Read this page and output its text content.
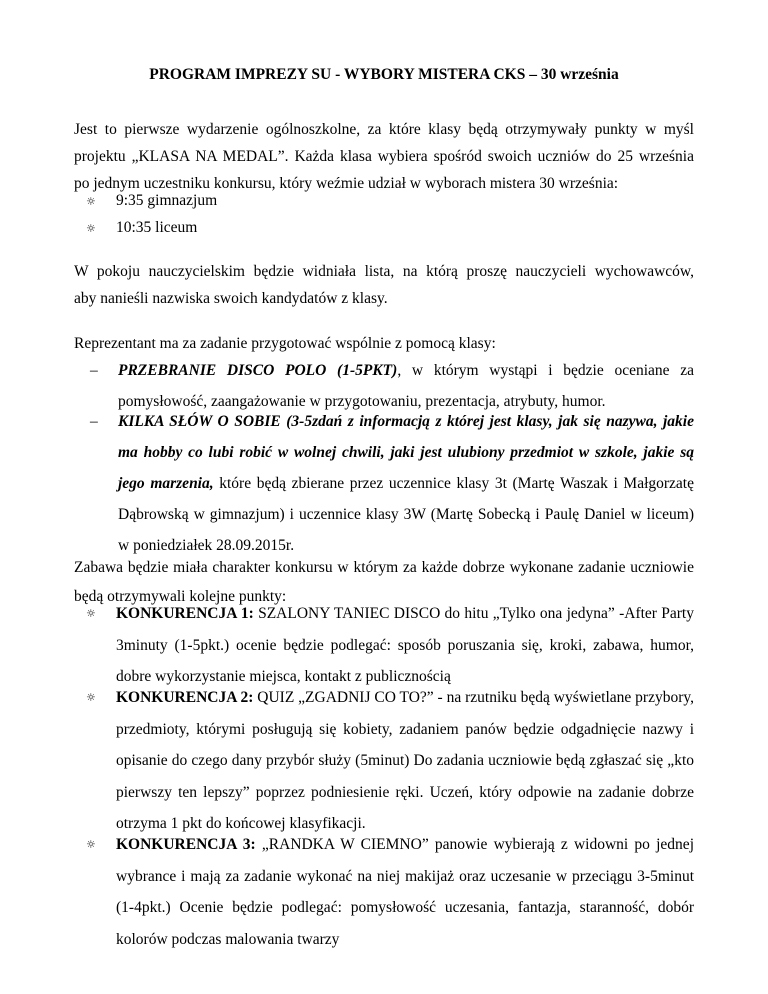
PROGRAM IMPREZY SU - WYBORY MISTERA CKS – 30 września
Jest to pierwsze wydarzenie ogólnoszkolne, za które klasy będą otrzymywały punkty w myśl
projektu „KLASA NA MEDAL”. Każda klasa wybiera spośród swoich uczniów do 25 września
po jednym uczestniku konkursu, który weźmie udział w wyborach mistera 30 września:
☼ 9:35 gimnazjum
☼ 10:35 liceum
W pokoju nauczycielskim będzie widniała lista, na którą proszę nauczycieli wychowawców,
aby nanieśli nazwiska swoich kandydatów z klasy.
Reprezentant ma za zadanie przygotować wspólnie z pomocą klasy:
– PRZEBRANIE DISCO POLO (1-5PKT), w którym wystąpi i będzie oceniane za pomysłowość, zaangażowanie w przygotowaniu, prezentacja, atrybuty, humor.
– KILKA SŁÓW O SOBIE (3-5zdań z informacją z której jest klasy, jak się nazywa, jakie ma hobby co lubi robić w wolnej chwili, jaki jest ulubiony przedmiot w szkole, jakie są jego marzenia, które będą zbierane przez uczennice klasy 3t (Martę Waszak i Małgorzatę Dąbrowską w gimnazjum) i uczennice klasy 3W (Martę Sobecką i Paulę Daniel w liceum) w poniedziałek 28.09.2015r.
Zabawa będzie miała charakter konkursu w którym za każde dobrze wykonane zadanie uczniowie będą otrzymywali kolejne punkty:
☼ KONKURENCJA 1: SZALONY TANIEC DISCO do hitu „Tylko ona jedyna” -After Party 3minuty (1-5pkt.) ocenie będzie podlegać: sposób poruszania się, kroki, zabawa, humor, dobre wykorzystanie miejsca, kontakt z publicznością
☼ KONKURENCJA 2: QUIZ „ZGADNIJ CO TO?” - na rzutniku będą wyświetlane przybory, przedmioty, którymi posługują się kobiety, zadaniem panów będzie odgadnięcie nazwy i opisanie do czego dany przybór służy (5minut) Do zadania uczniowie będą zgłaszać się „kto pierwszy ten lepszy” poprzez podniesienie ręki. Uczeń, który odpowie na zadanie dobrze otrzyma 1 pkt do końcowej klasyfikacji.
☼ KONKURENCJA 3: „RANDKA W CIEMNO” panowie wybierają z widowni po jednej wybrance i mają za zadanie wykonać na niej makijaż oraz uczesanie w przeciągu 3-5minut (1-4pkt.) Ocenie będzie podlegać: pomysłowość uczesania, fantazja, staranność, dobór kolorów podczas malowania twarzy
